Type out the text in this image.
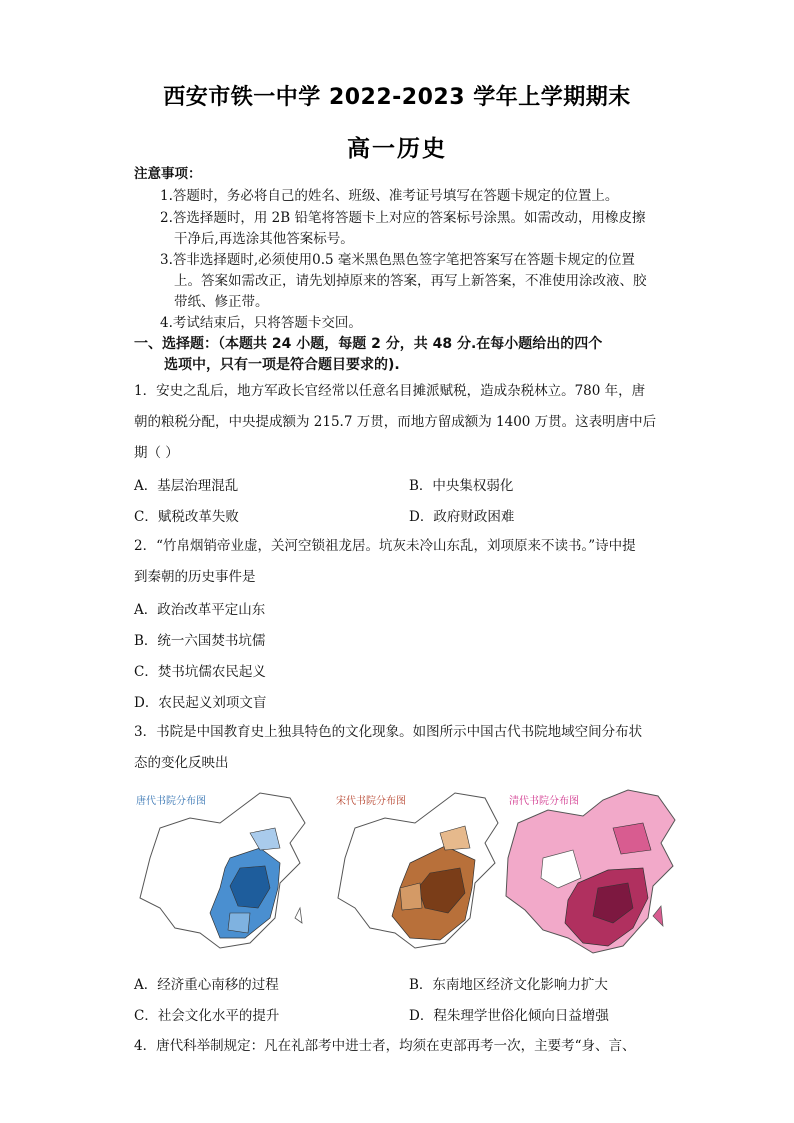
西安市铁一中学 2022-2023 学年上学期期末
高一历史
注意事项：
1.答题时，务必将自己的姓名、班级、准考证号填写在答题卡规定的位置上。
2.答选择题时，用 2B 铅笔将答题卡上对应的答案标号涂黑。如需改动，用橡皮擦
干净后,再选涂其他答案标号。
3.答非选择题时,必须使用0.5 毫米黑色黑色签字笔把答案写在答题卡规定的位置
上。答案如需改正，请先划掉原来的答案，再写上新答案，不准使用涂改液、胶
带纸、修正带。
4.考试结束后，只将答题卡交回。
一、选择题：（本题共 24 小题，每题 2 分，共 48 分.在每小题给出的四个
选项中，只有一项是符合题目要求的).
1．安史之乱后，地方军政长官经常以任意名目摊派赋税，造成杂税林立。780 年，唐
朝的粮税分配，中央提成额为 215.7 万贯，而地方留成额为 1400 万贯。这表明唐中后
期（ ）
A．基层治理混乱	B．中央集权弱化
C．赋税改革失败	D．政府财政困难
2．“竹帛烟销帝业虚，关河空锁祖龙居。坑灰未冷山东乱，刘项原来不读书。”诗中提
到秦朝的历史事件是
A．政治改革平定山东
B．统一六国焚书坑儒
C．焚书坑儒农民起义
D．农民起义刘项文盲
3．书院是中国教育史上独具特色的文化现象。如图所示中国古代书院地域空间分布状
态的变化反映出
唐代书院分布图	宋代书院分布图	清代书院分布图
A．经济重心南移的过程	B．东南地区经济文化影响力扩大
C．社会文化水平的提升	D．程朱理学世俗化倾向日益增强
4．唐代科举制规定：凡在礼部考中进士者，均须在吏部再考一次，主要考“身、言、
